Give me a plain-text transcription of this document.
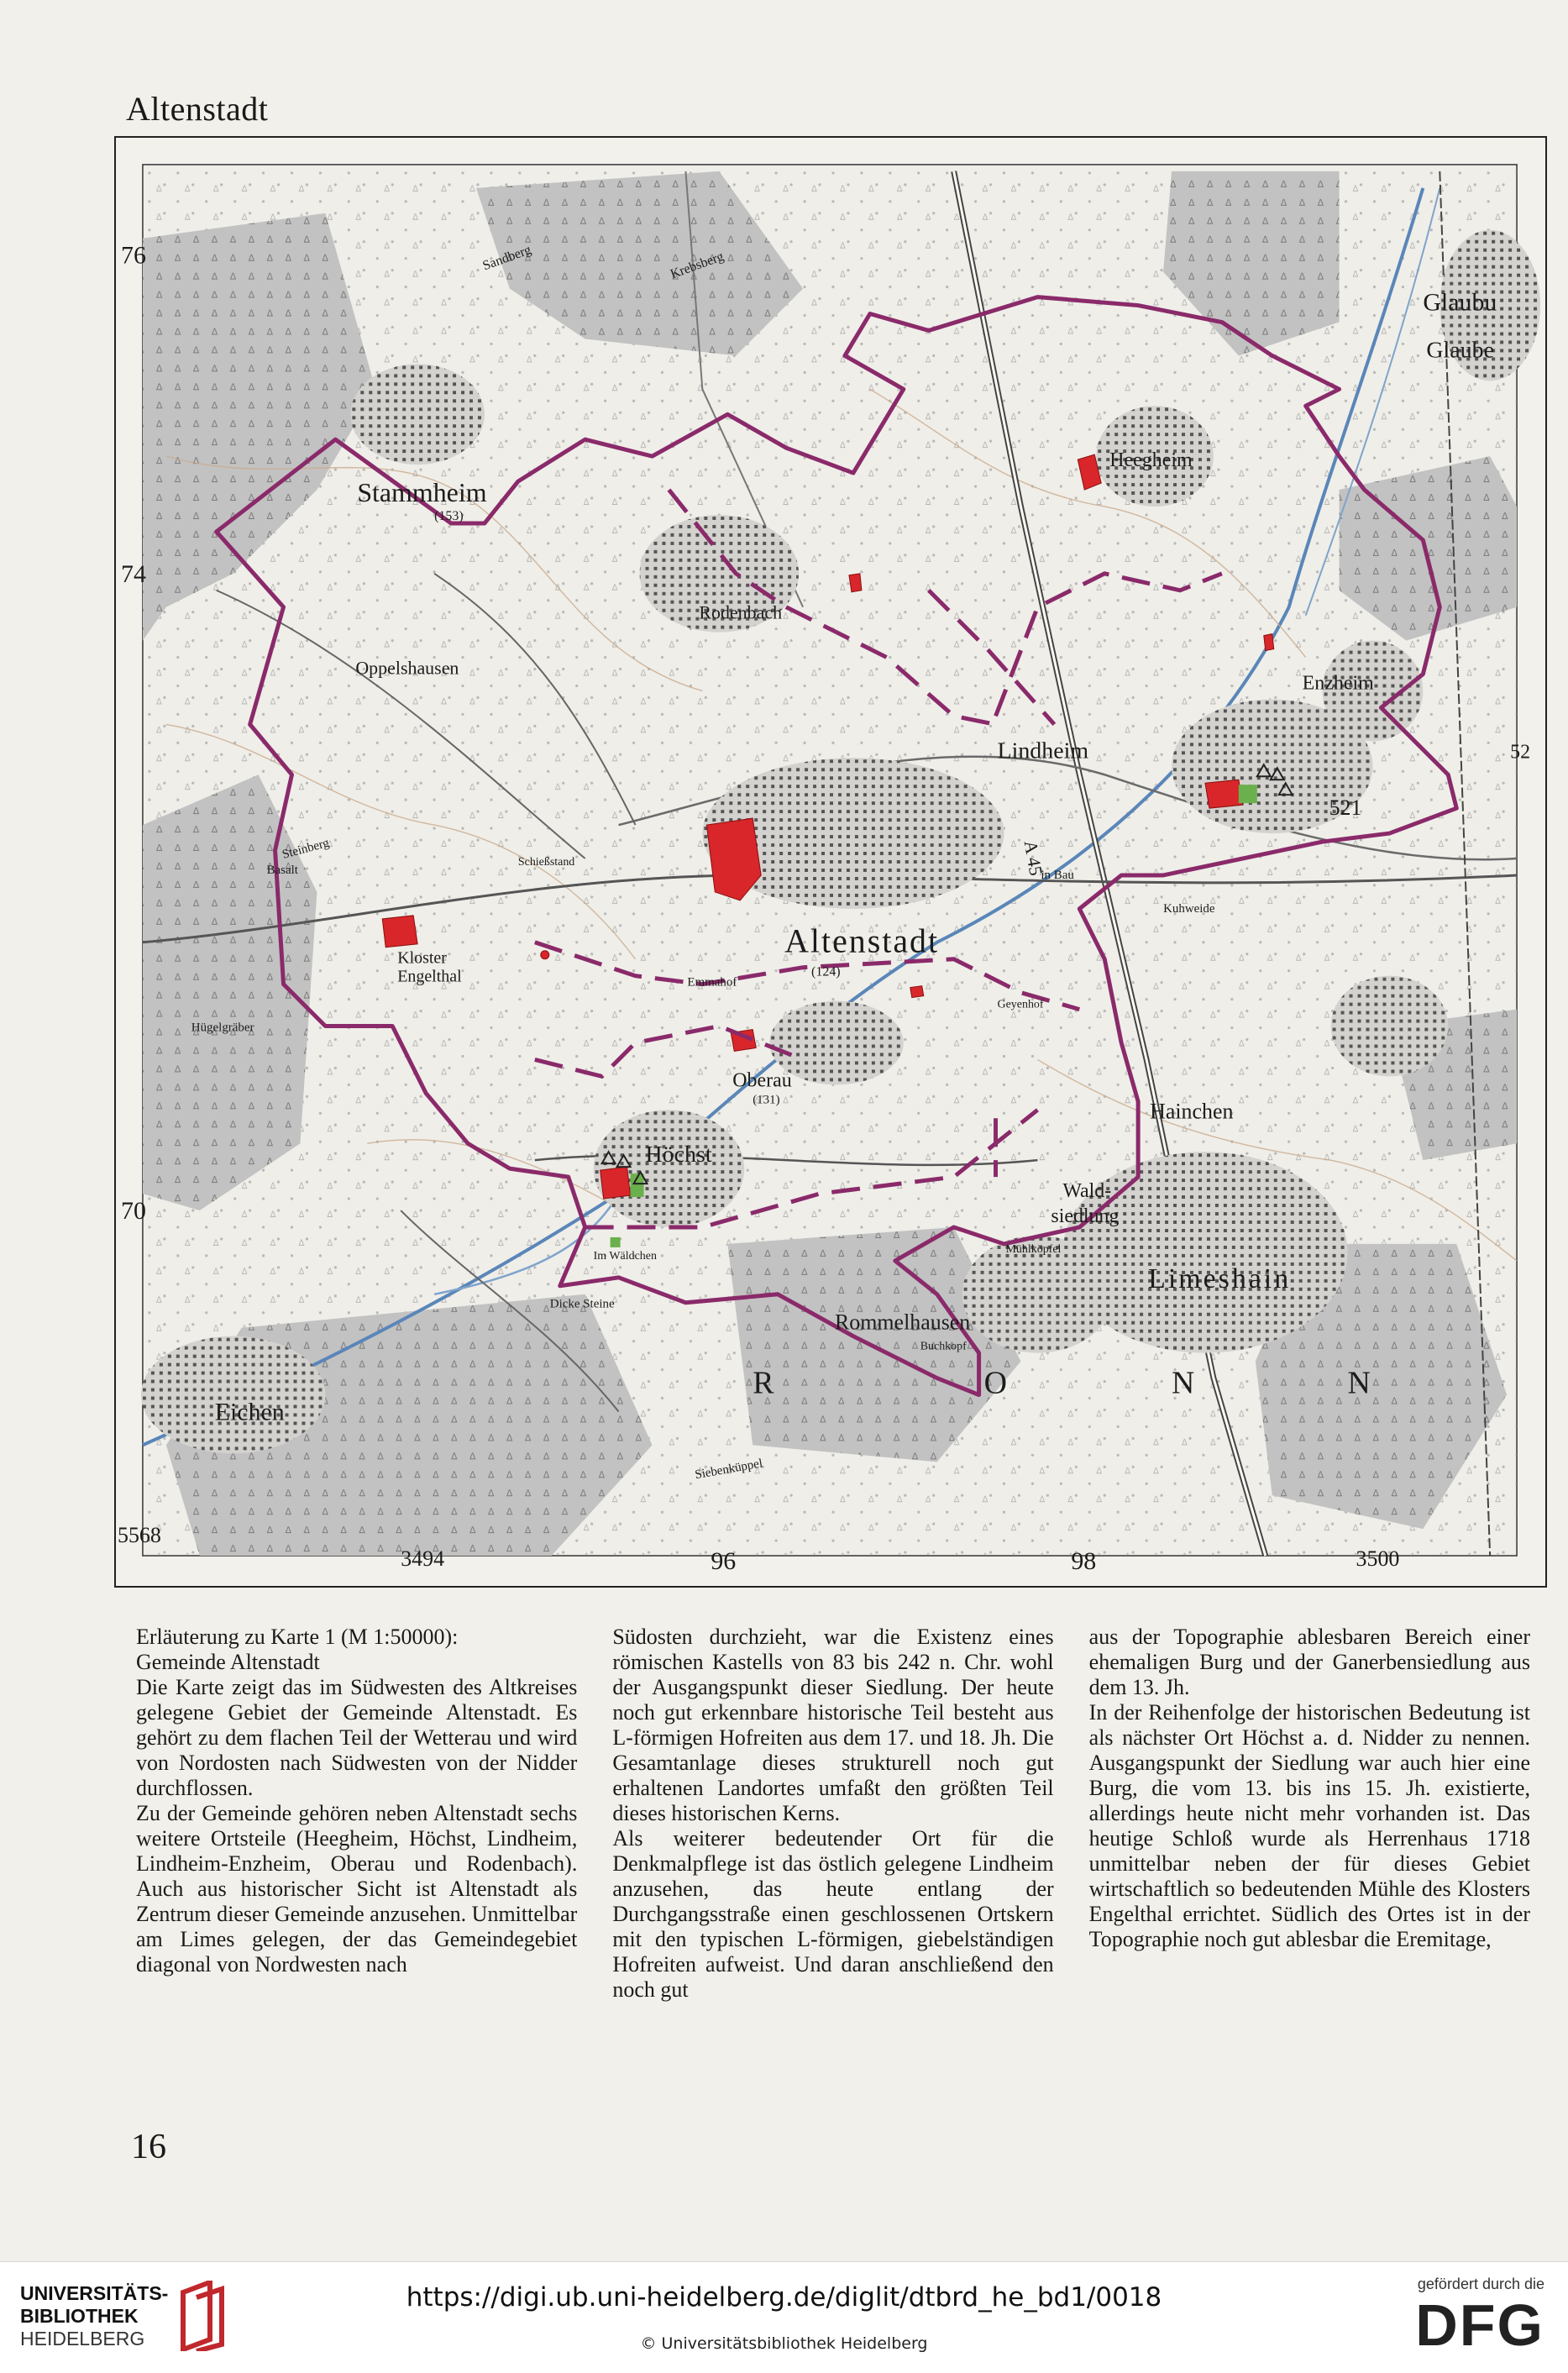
Altenstadt
76
74
70
5568
3494	96	98	3500
52
521
Altenstadt
(124)
Stammheim
(153)
Oppelshausen
Rodenbach
Heegheim
Lindheim
Enzheim
Kloster
Engelthal
Oberau
(131)
Höchst
Hainchen
Wald-
siedlung
Limeshain
Rommelhausen
Eichen
Glaubu
Glaube
Im Wäldchen
Dicke Steine
Emmahof
Kuhweide
in Bau
Geyenhof
Mühlköpfel
Buchkopf
Basalt
Schießstand
Hügelgräber
A 45
Sandberg	Krebsberg
Steinberg
Siebenküppel
R	O	N	N

Erläuterung zu Karte 1 (M 1:50000):

Gemeinde Altenstadt

Die Karte zeigt das im Südwesten des Altkreises gelegene Gebiet der Gemeinde Altenstadt. Es gehört zu dem flachen Teil der Wetterau und wird von Nordosten nach Südwesten von der Nidder durchflossen.

Zu der Gemeinde gehören neben Altenstadt sechs weitere Ortsteile (Heegheim, Höchst, Lindheim, Lindheim-Enzheim, Oberau und Rodenbach). Auch aus historischer Sicht ist Altenstadt als Zentrum dieser Gemeinde anzusehen. Unmittelbar am Limes gelegen, der das Gemeindegebiet diagonal von Nordwesten nach

Südosten durchzieht, war die Existenz eines römischen Kastells von 83 bis 242 n. Chr. wohl der Ausgangspunkt dieser Siedlung. Der heute noch gut erkennbare historische Teil besteht aus L-förmigen Hofreiten aus dem 17. und 18. Jh. Die Gesamtanlage dieses strukturell noch gut erhaltenen Landortes umfaßt den größten Teil dieses historischen Kerns.

Als weiterer bedeutender Ort für die Denkmalpflege ist das östlich gelegene Lindheim anzusehen, das heute entlang der Durchgangsstraße einen geschlossenen Ortskern mit den typischen L-förmigen, giebelständigen Hofreiten aufweist. Und daran anschließend den noch gut

aus der Topographie ablesbaren Bereich einer ehemaligen Burg und der Ganerbensiedlung aus dem 13. Jh.

In der Reihenfolge der historischen Bedeutung ist als nächster Ort Höchst a. d. Nidder zu nennen. Ausgangspunkt der Siedlung war auch hier eine Burg, die vom 13. bis ins 15. Jh. existierte, allerdings heute nicht mehr vorhanden ist. Das heutige Schloß wurde als Herrenhaus 1718 unmittelbar neben der für dieses Gebiet wirtschaftlich so bedeutenden Mühle des Klosters Engelthal errichtet. Südlich des Ortes ist in der Topographie noch gut ablesbar die Eremitage,

16
UNIVERSITÄTS-
BIBLIOTHEK
HEIDELBERG
https://digi.ub.uni-heidelberg.de/diglit/dtbrd_he_bd1/0018
© Universitätsbibliothek Heidelberg
gefördert durch die
DFG
